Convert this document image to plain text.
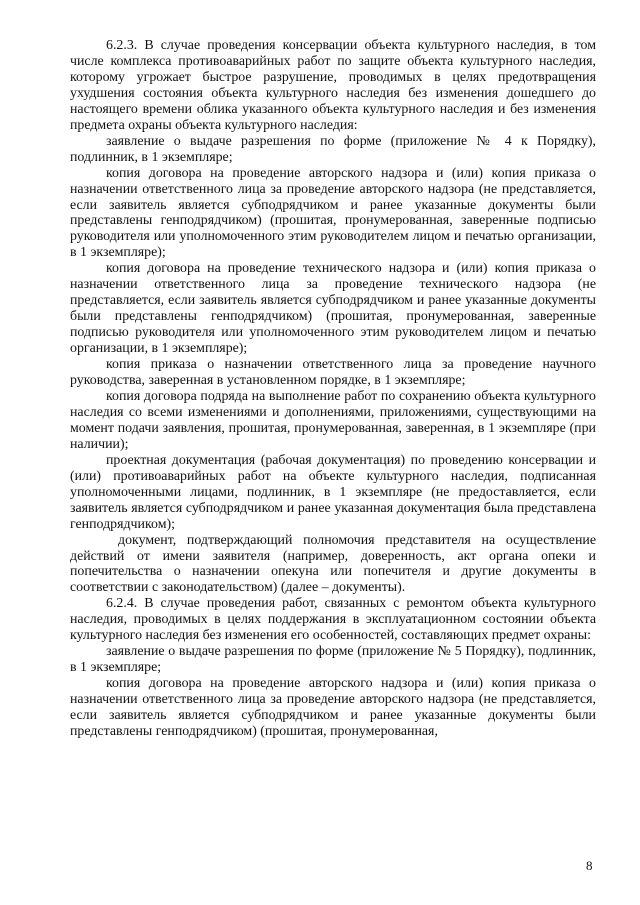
6.2.3. В случае проведения консервации объекта культурного наследия, в том числе комплекса противоаварийных работ по защите объекта культурного наследия, которому угрожает быстрое разрушение, проводимых в целях предотвращения ухудшения состояния объекта культурного наследия без изменения дошедшего до настоящего времени облика указанного объекта культурного наследия и без изменения предмета охраны объекта культурного наследия:

заявление о выдаче разрешения по форме (приложение № 4 к Порядку), подлинник, в 1 экземпляре;

копия договора на проведение авторского надзора и (или) копия приказа о назначении ответственного лица за проведение авторского надзора (не представляется, если заявитель является субподрядчиком и ранее указанные документы были представлены генподрядчиком) (прошитая, пронумерованная, заверенные подписью руководителя или уполномоченного этим руководителем лицом и печатью организации, в 1 экземпляре);

копия договора на проведение технического надзора и (или) копия приказа о назначении ответственного лица за проведение технического надзора (не представляется, если заявитель является субподрядчиком и ранее указанные документы были представлены генподрядчиком) (прошитая, пронумерованная, заверенные подписью руководителя или уполномоченного этим руководителем лицом и печатью организации, в 1 экземпляре);

копия приказа о назначении ответственного лица за проведение научного руководства, заверенная в установленном порядке, в 1 экземпляре;

копия договора подряда на выполнение работ по сохранению объекта культурного наследия со всеми изменениями и дополнениями, приложениями, существующими на момент подачи заявления, прошитая, пронумерованная, заверенная, в 1 экземпляре (при наличии);

проектная документация (рабочая документация) по проведению консервации и (или) противоаварийных работ на объекте культурного наследия, подписанная уполномоченными лицами, подлинник, в 1 экземпляре (не предоставляется, если заявитель является субподрядчиком и ранее указанная документация была представлена генподрядчиком);

документ, подтверждающий полномочия представителя на осуществление действий от имени заявителя (например, доверенность, акт органа опеки и попечительства о назначении опекуна или попечителя и другие документы в соответствии с законодательством) (далее – документы).

6.2.4. В случае проведения работ, связанных с ремонтом объекта культурного наследия, проводимых в целях поддержания в эксплуатационном состоянии объекта культурного наследия без изменения его особенностей, составляющих предмет охраны:

заявление о выдаче разрешения по форме (приложение № 5 Порядку), подлинник, в 1 экземпляре;

копия договора на проведение авторского надзора и (или) копия приказа о назначении ответственного лица за проведение авторского надзора (не представляется, если заявитель является субподрядчиком и ранее указанные документы были представлены генподрядчиком) (прошитая, пронумерованная,

8
